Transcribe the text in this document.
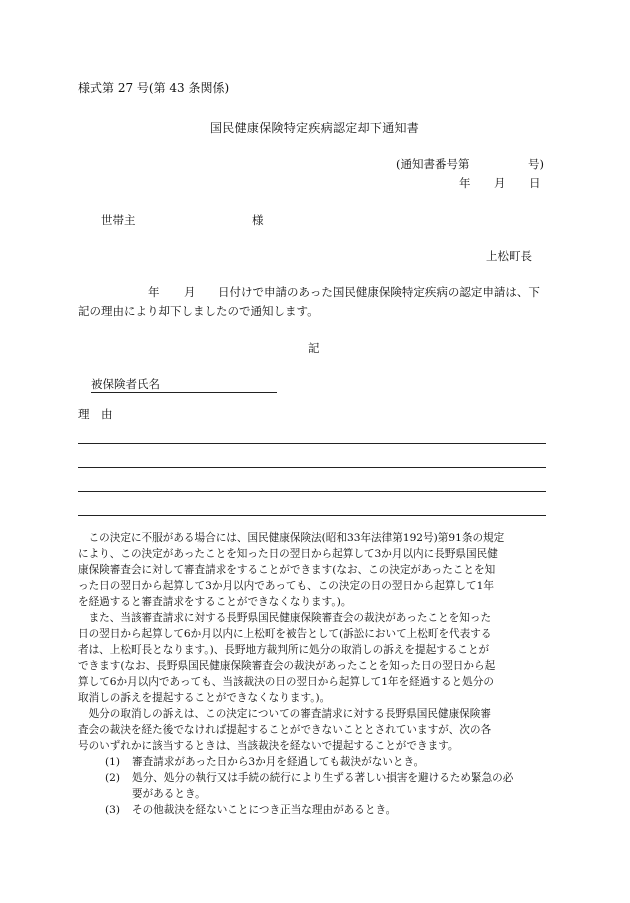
様式第 27 号(第 43 条関係)
国民健康保険特定疾病認定却下通知書
(通知書番号第	号)
年 月 日
世帯主	様
上松町長
年 月 日付けで申請のあった国民健康保険特定疾病の認定申請は、下
記の理由により却下しましたので通知します。
記
被保険者氏名
理　由
　この決定に不服がある場合には、国民健康保険法(昭和33年法律第192号)第91条の規定
により、この決定があったことを知った日の翌日から起算して3か月以内に長野県国民健
康保険審査会に対して審査請求をすることができます(なお、この決定があったことを知
った日の翌日から起算して3か月以内であっても、この決定の日の翌日から起算して1年
を経過すると審査請求をすることができなくなります。)。
　また、当該審査請求に対する長野県国民健康保険審査会の裁決があったことを知った
日の翌日から起算して6か月以内に上松町を被告として(訴訟において上松町を代表する
者は、上松町長となります。)、長野地方裁判所に処分の取消しの訴えを提起することが
できます(なお、長野県国民健康保険審査会の裁決があったことを知った日の翌日から起
算して6か月以内であっても、当該裁決の日の翌日から起算して1年を経過すると処分の
取消しの訴えを提起することができなくなります。)。
　処分の取消しの訴えは、この決定についての審査請求に対する長野県国民健康保険審
査会の裁決を経た後でなければ提起することができないこととされていますが、次の各
号のいずれかに該当するときは、当該裁決を経ないで提起することができます。
(1) 審査請求があった日から3か月を経過しても裁決がないとき。
(2) 処分、処分の執行又は手続の続行により生ずる著しい損害を避けるため緊急の必
要があるとき。
(3) その他裁決を経ないことにつき正当な理由があるとき。
